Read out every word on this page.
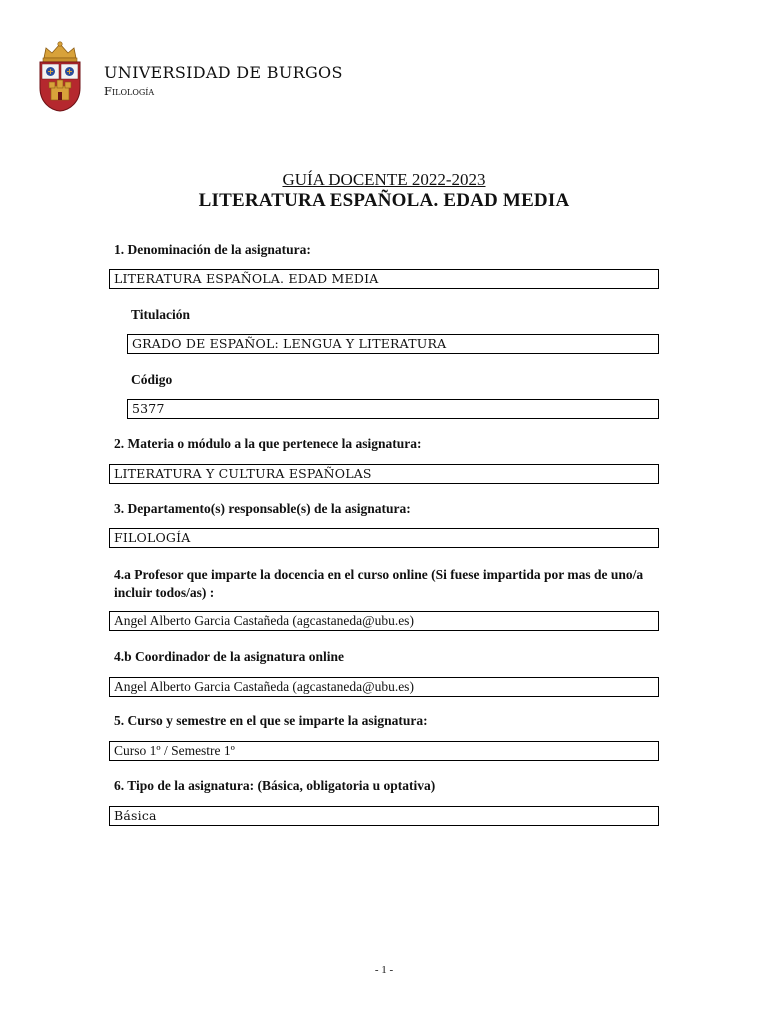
UNIVERSIDAD DE BURGOS
Filología
GUÍA DOCENTE 2022-2023
LITERATURA ESPAÑOLA. EDAD MEDIA
1. Denominación de la asignatura:
LITERATURA ESPAÑOLA. EDAD MEDIA
Titulación
GRADO DE ESPAÑOL: LENGUA Y LITERATURA
Código
5377
2. Materia o módulo a la que pertenece la asignatura:
LITERATURA Y CULTURA ESPAÑOLAS
3. Departamento(s) responsable(s) de la asignatura:
FILOLOGÍA
4.a Profesor que imparte la docencia en el curso online (Si fuese impartida por mas de uno/a incluir todos/as) :
Angel Alberto Garcia Castañeda (agcastaneda@ubu.es)
4.b Coordinador de la asignatura online
Angel Alberto Garcia Castañeda (agcastaneda@ubu.es)
5. Curso y semestre en el que se imparte la asignatura:
Curso 1º / Semestre 1º
6. Tipo de la asignatura: (Básica, obligatoria u optativa)
Básica
- 1 -
